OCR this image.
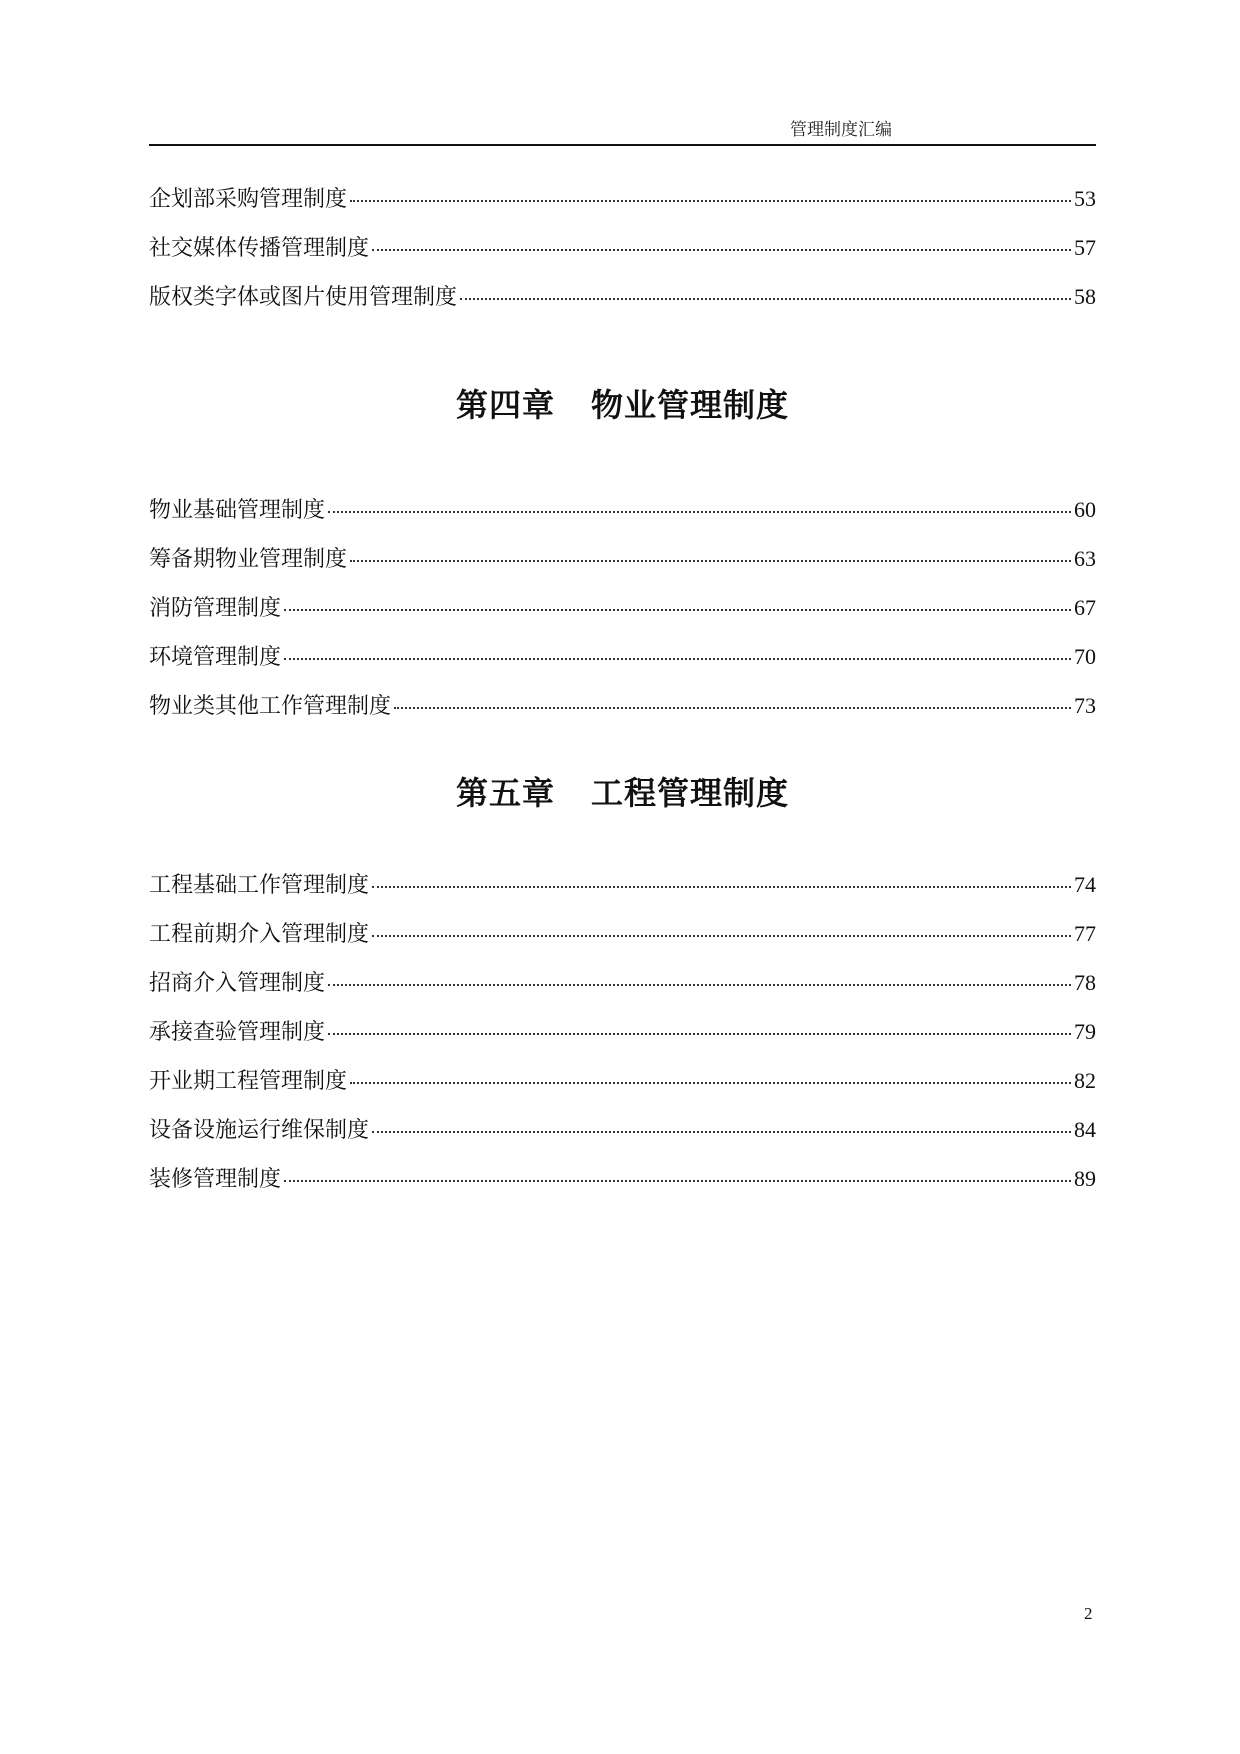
管理制度汇编
企划部采购管理制度	53
社交媒体传播管理制度	57
版权类字体或图片使用管理制度	58
第四章 物业管理制度
物业基础管理制度	60
筹备期物业管理制度	63
消防管理制度	67
环境管理制度	70
物业类其他工作管理制度	73
第五章 工程管理制度
工程基础工作管理制度	74
工程前期介入管理制度	77
招商介入管理制度	78
承接查验管理制度	79
开业期工程管理制度	82
设备设施运行维保制度	84
装修管理制度	89
2
